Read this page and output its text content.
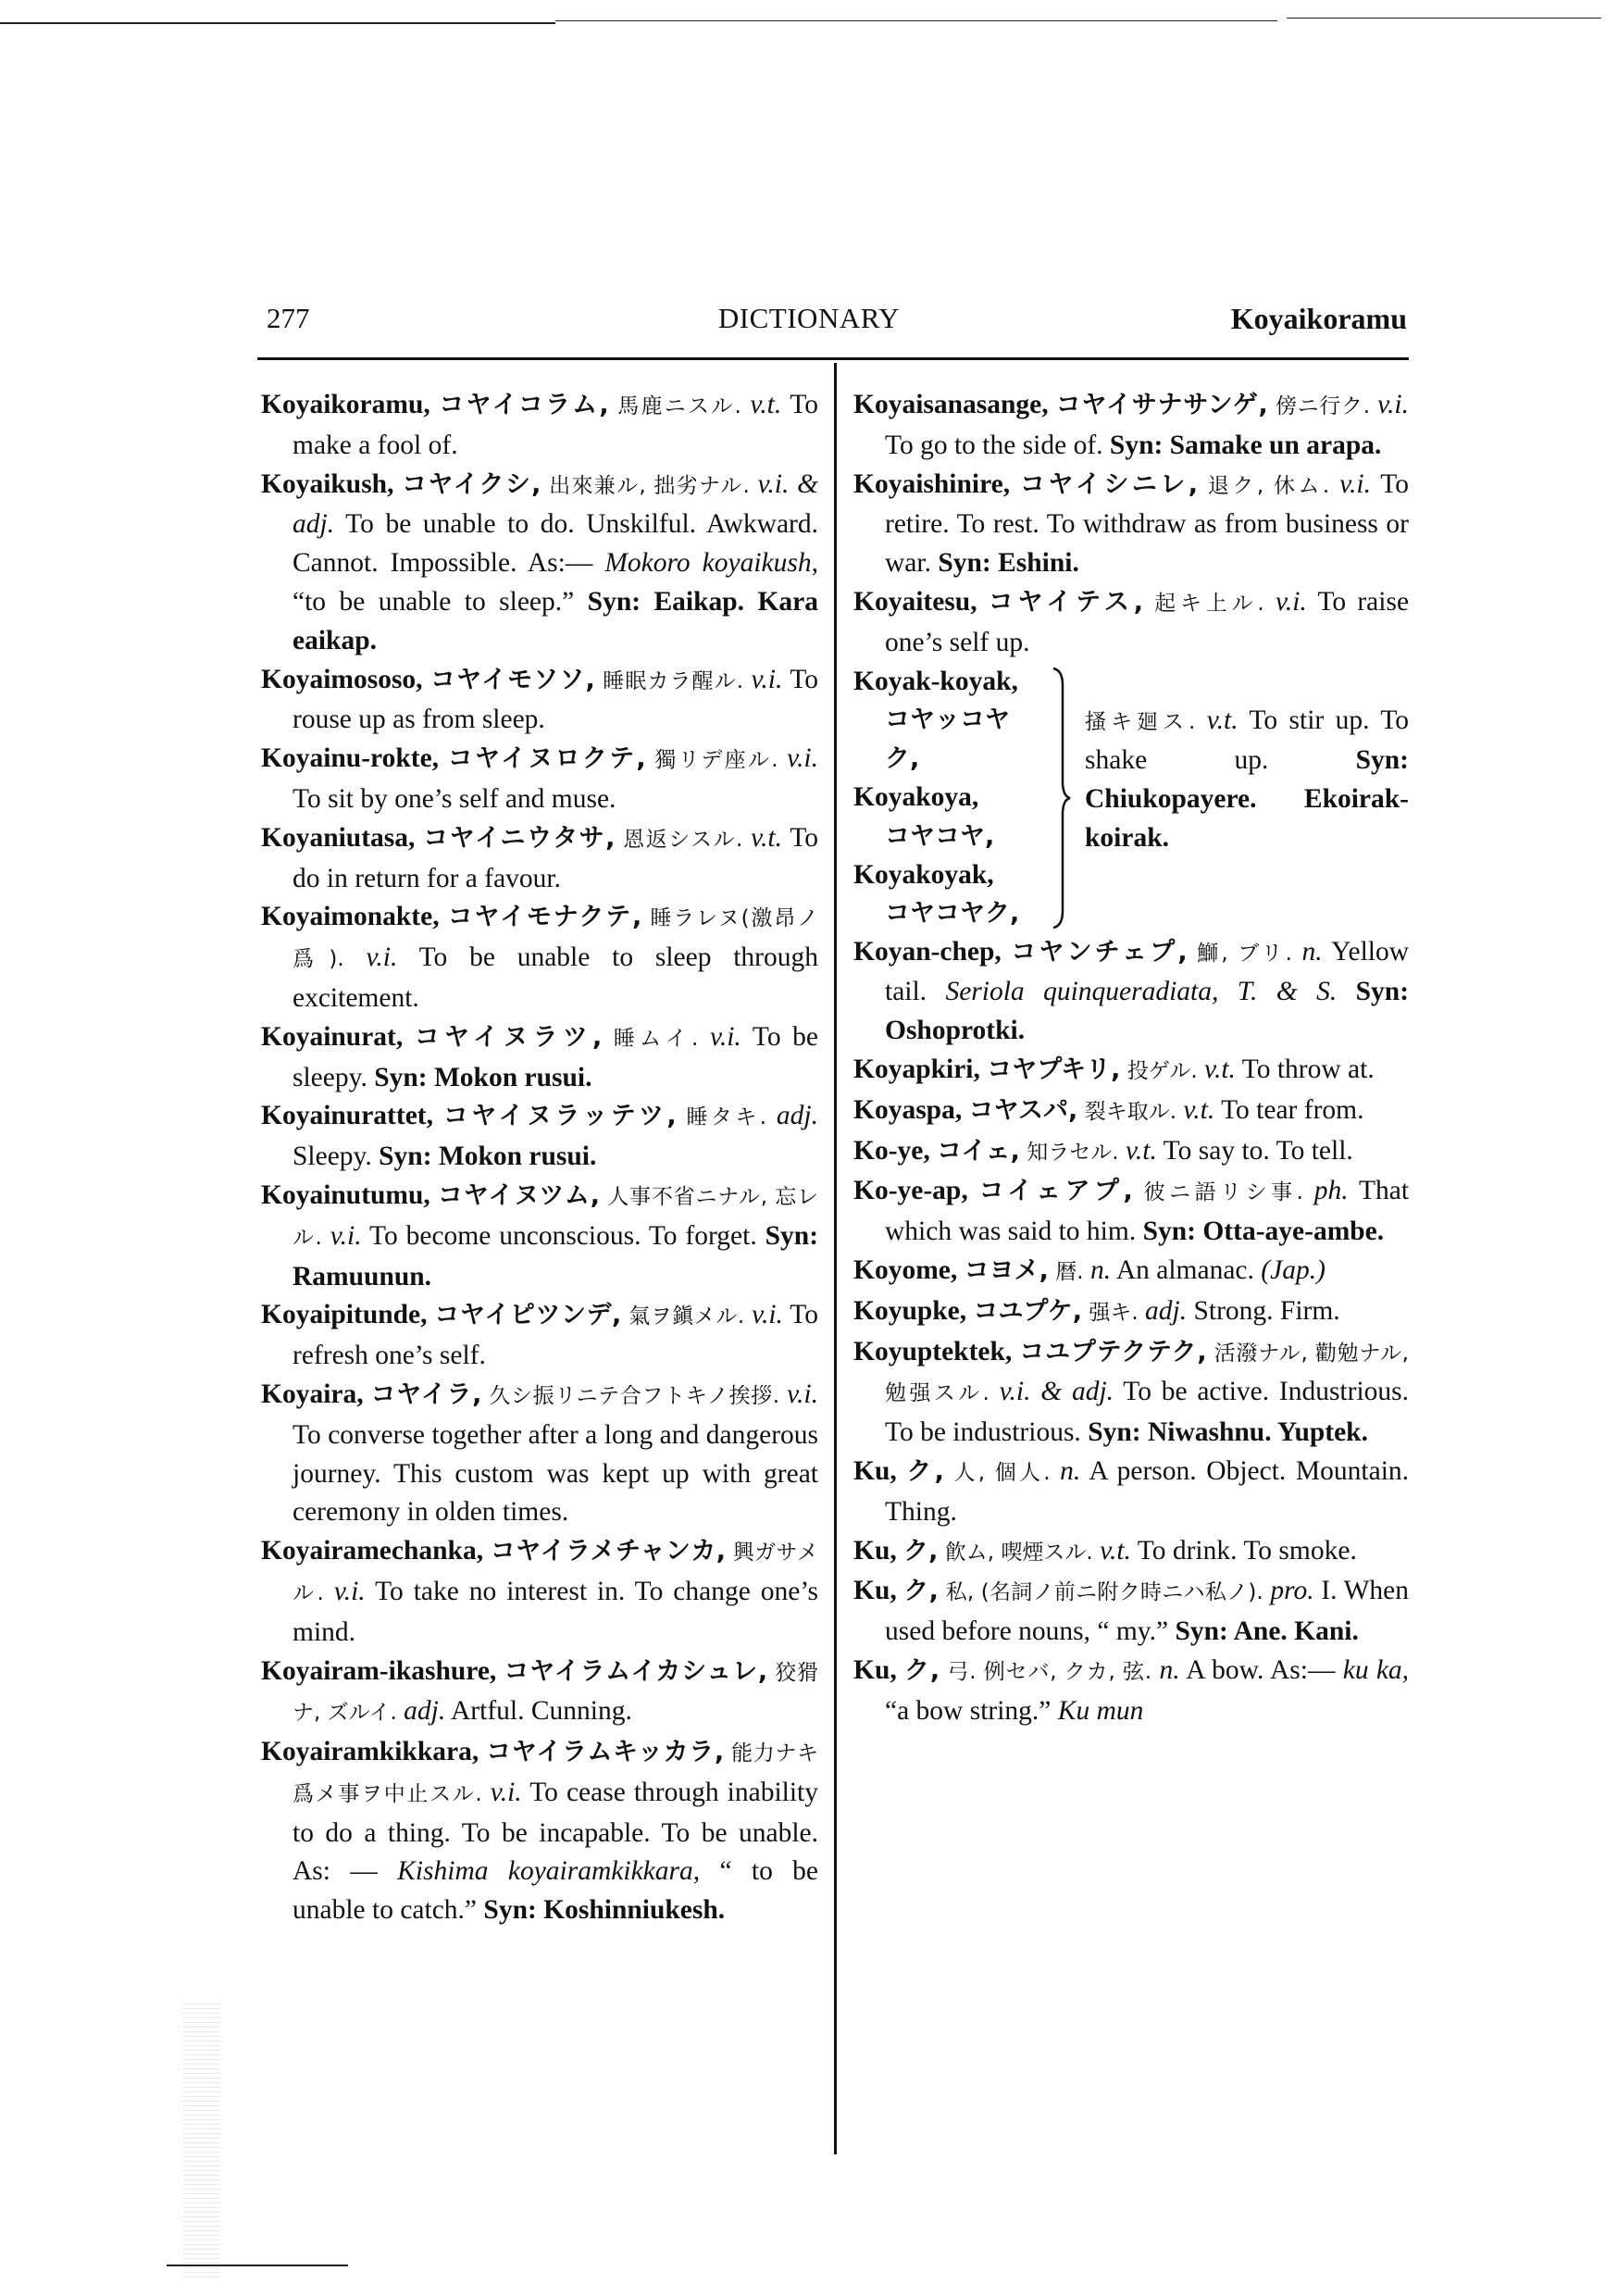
277	DICTIONARY	Koyaikoramu
Koyaikoramu, コヤイコラム, 馬鹿ニスル. v.t. To make a fool of.
Koyaikush, コヤイクシ, 出來兼ル, 拙劣ナル. v.i. & adj. To be unable to do. Unskilful. Awkward. Cannot. Impossible. As:— Mokoro koyaikush, “to be unable to sleep.” Syn: Eaikap. Kara eaikap.
Koyaimososo, コヤイモソソ, 睡眠カラ醒ル. v.i. To rouse up as from sleep.
Koyainu-rokte, コヤイヌロクテ, 獨リデ座ル. v.i. To sit by one’s self and muse.
Koyaniutasa, コヤイニウタサ, 恩返シスル. v.t. To do in return for a favour.
Koyaimonakte, コヤイモナクテ, 睡ラレヌ(激昂ノ爲). v.i. To be unable to sleep through excitement.
Koyainurat, コヤイヌラツ, 睡ムイ. v.i. To be sleepy. Syn: Mokon rusui.
Koyainurattet, コヤイヌラッテツ, 睡タキ. adj. Sleepy. Syn: Mokon rusui.
Koyainutumu, コヤイヌツム, 人事不省ニナル, 忘レル. v.i. To become unconscious. To forget. Syn: Ramuunun.
Koyaipitunde, コヤイピツンデ, 氣ヲ鎭メル. v.i. To refresh one’s self.
Koyaira, コヤイラ, 久シ振リニテ合フトキノ挨拶. v.i. To converse together after a long and dangerous journey. This custom was kept up with great ceremony in olden times.
Koyairamechanka, コヤイラメチャンカ, 興ガサメル. v.i. To take no interest in. To change one’s mind.
Koyairam-ikashure, コヤイラムイカシュレ, 狡猾ナ, ズルイ. adj. Artful. Cunning.
Koyairamkikkara, コヤイラムキッカラ, 能力ナキ爲メ事ヲ中止スル. v.i. To cease through inability to do a thing. To be incapable. To be unable. As: — Kishima koyairamkikkara, “ to be unable to catch.” Syn: Koshinniukesh.
Koyaisanasange, コヤイサナサンゲ, 傍ニ行ク. v.i. To go to the side of. Syn: Samake un arapa.
Koyaishinire, コヤイシニレ, 退ク, 休ム. v.i. To retire. To rest. To withdraw as from business or war. Syn: Eshini.
Koyaitesu, コヤイテス, 起キ上ル. v.i. To raise one’s self up.
Koyak-koyak,
コヤッコヤク,
Koyakoya,
コヤコヤ,
Koyakoyak,
コヤコヤク,
搔キ廻ス. v.t. To stir up. To shake up.	Syn: Chiukopayere. Ekoirak-koirak.
Koyan-chep, コヤンチェプ, 鰤, ブリ. n. Yellow tail. Seriola quinqueradiata, T. & S. Syn: Oshoprotki.
Koyapkiri, コヤプキリ, 投ゲル. v.t. To throw at.
Koyaspa, コヤスパ, 裂キ取ル. v.t. To tear from.
Ko-ye, コイェ, 知ラセル. v.t. To say to. To tell.
Ko-ye-ap, コイェアプ, 彼ニ語リシ事. ph. That which was said to him. Syn: Otta-aye-ambe.
Koyome, コヨメ, 暦. n. An almanac. (Jap.)
Koyupke, コユプケ, 强キ. adj. Strong. Firm.
Koyuptektek, コユプテクテク, 活潑ナル, 勸勉ナル, 勉强スル. v.i. & adj. To be active. Industrious. To be industrious. Syn: Niwashnu. Yuptek.
Ku, ク, 人, 個人. n. A person. Object. Mountain. Thing.
Ku, ク, 飮ム, 喫煙スル. v.t. To drink. To smoke.
Ku, ク, 私, (名詞ノ前ニ附ク時ニハ私ノ). pro. I. When used before nouns, “ my.” Syn: Ane. Kani.
Ku, ク, 弓. 例セバ, クカ, 弦. n. A bow. As:— ku ka, “a bow string.” Ku mun
